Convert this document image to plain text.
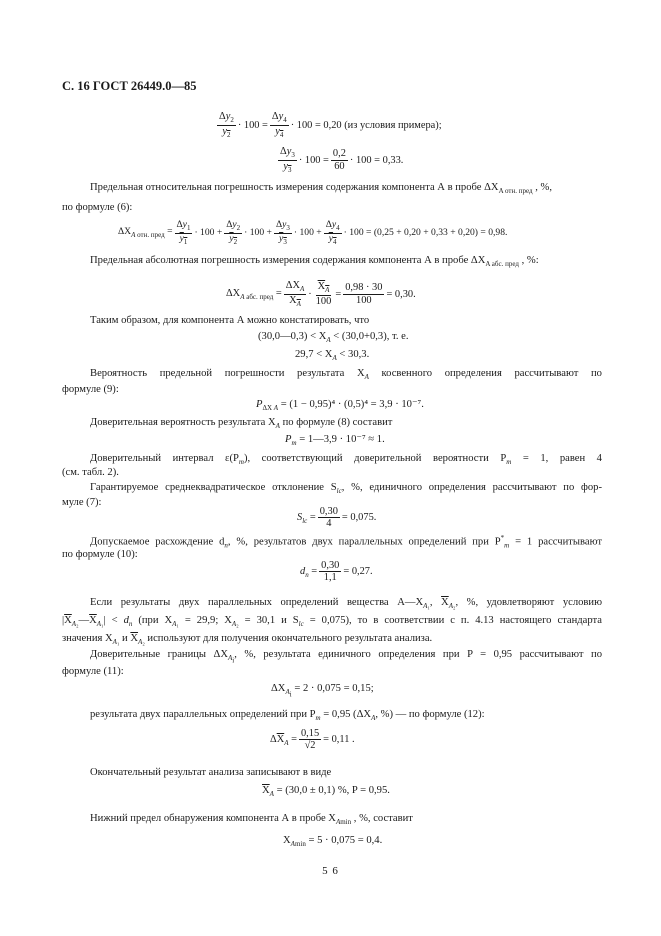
С. 16 ГОСТ 26449.0—85
$\frac{\Delta y_2}{y_2} \cdot 100 = \frac{\Delta y_4}{y_4} \cdot 100 = 0,20$ (из условия примера);
$\frac{\Delta y_3}{y_3} \cdot 100 = \frac{0,2}{60} \cdot 100 = 0,33$.
Предельная относительная погрешность измерения содержания компонента А в пробе $\Delta X_{A отн. пред}$ , %,
по формуле (6):
$\Delta X_{A отн. пред} = \frac{\Delta y_1}{y_1} \cdot 100 + \frac{\Delta y_2}{y_2} \cdot 100 + \frac{\Delta y_3}{y_3} \cdot 100 + \frac{\Delta y_4}{y_4} \cdot 100 = (0,25 + 0,20 + 0,33 + 0,20) = 0,98$.
Предельная абсолютная погрешность измерения содержания компонента А в пробе $\Delta X_{A абс. пред}$ , %:
$\Delta X_{A абс. пред} = \frac{\Delta X_A}{X_A} \cdot \frac{X_A}{100} = \frac{0,98 \cdot 30}{100} = 0,30$.
Таким образом, для компонента А можно констатировать, что
(30,0—0,3) < $X_A < (30,0+0,3)$, т. е.
$29,7 < X_A < 30,3$.
Вероятность предельной погрешности результата $X_A$ косвенного определения рассчитывают по
формуле (9):
$P_{\Delta X A} = (1 - 0,95)^4 \cdot (0,5)^4 = 3,9 \cdot 10^{-7}$.
Доверительная вероятность результата $X_A$ по формуле (8) составит
$P_m$ = 1—3,9 · 10⁻⁷ ≈ 1.
Доверительный интервал $\varepsilon(P_m)$, соответствующий доверительной вероятности $P_m = 1$, равен 4
(см. табл. 2).
Гарантируемое среднеквадратическое отклонение $S_{lc}$, %, единичного определения рассчитывают по фор-
муле (7):
$S_{lc} = \frac{0,30}{4} = 0,075$.
Допускаемое расхождение $d_n$, %, результатов двух параллельных определений при $P^*_m = 1$ рассчитывают
по формуле (10):
$d_n = \frac{0,30}{1,1} = 0,27$.
Если результаты двух параллельных определений вещества $А—X_{A_1}$, $\overline{X}_{A_2}$, %, удовлетворяют условию
$|\overline{X}_{A_2}—\overline{X}_{A_1}| < d_n$ (при $X_{A_1} = 29,9$; $X_{A_2} = 30,1$ и $S_{lc} = 0,075$), то в соответствии с п. 4.13 настоящего стандарта
значения $X_{A_1}$ и $\overline{X}_{A_2}$ используют для получения окончательного результата анализа.
Доверительные границы $\Delta X_{A_i}$, %, результата единичного определения при P = 0,95 рассчитывают по
формуле (11):
$\Delta X_{A_i} = 2 \cdot 0,075 = 0,15$;
результата двух параллельных определений при $P_m = 0,95$ ($\Delta X_A$, %) — по формуле (12):
$\Delta\overline{X}_A = \frac{0,15}{√2} = 0,11$ .
Окончательный результат анализа записывают в виде
$\overline{X}_A = (30,0 \pm 0,1)$ %, P = 0,95.
Нижний предел обнаружения компонента А в пробе $X_{Amin}$ , %, составит
$X_{Amin} = 5 \cdot 0,075 = 0,4$.
5 6
